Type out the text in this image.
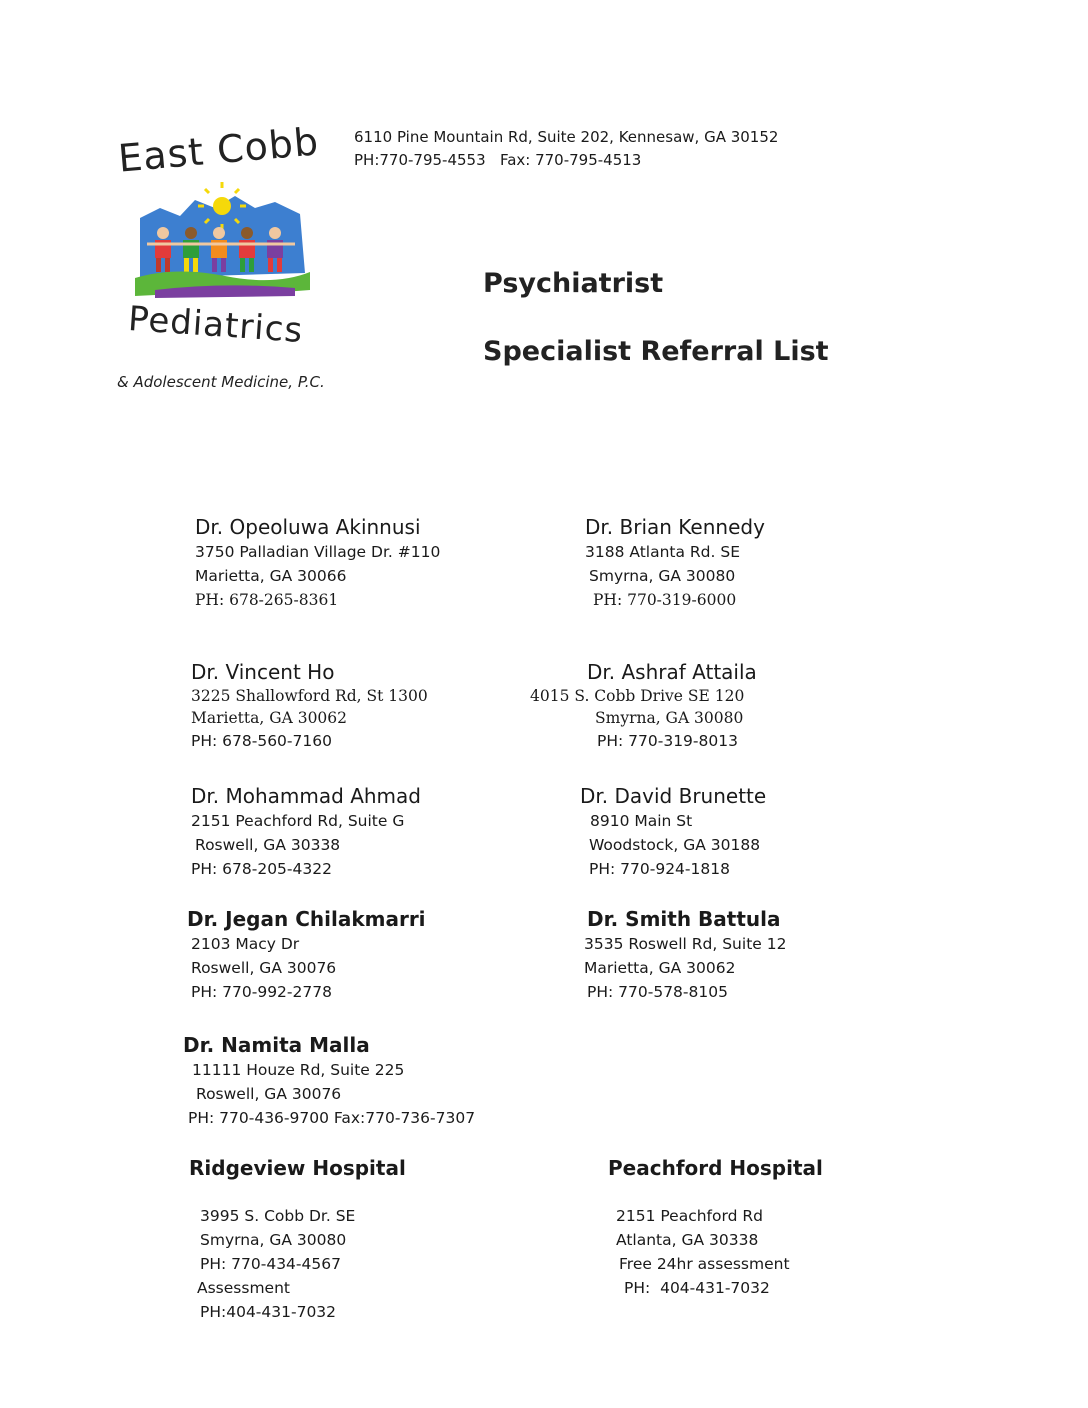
East Cobb
Pediatrics
& Adolescent Medicine, P.C.
6110 Pine Mountain Rd, Suite 202, Kennesaw, GA 30152
PH:770-795-4553   Fax: 770-795-4513
Psychiatrist
Specialist Referral List
Dr. Opeoluwa Akinnusi
3750 Palladian Village Dr. #110
Marietta, GA 30066
PH: 678-265-8361
Dr. Brian Kennedy
3188 Atlanta Rd. SE
Smyrna, GA 30080
PH: 770-319-6000
Dr. Vincent Ho
3225 Shallowford Rd, St 1300
Marietta, GA 30062
PH: 678-560-7160
Dr. Ashraf Attaila
4015 S. Cobb Drive SE 120
Smyrna, GA 30080
PH: 770-319-8013
Dr. Mohammad Ahmad
2151 Peachford Rd, Suite G
Roswell, GA 30338
PH: 678-205-4322
Dr. David Brunette
8910 Main St
Woodstock, GA 30188
PH: 770-924-1818
Dr. Jegan Chilakmarri
2103 Macy Dr
Roswell, GA 30076
PH: 770-992-2778
Dr. Smith Battula
3535 Roswell Rd, Suite 12
Marietta, GA 30062
PH: 770-578-8105
Dr. Namita Malla
11111 Houze Rd, Suite 225
Roswell, GA 30076
PH: 770-436-9700 Fax:770-736-7307
Ridgeview Hospital
3995 S. Cobb Dr. SE
Smyrna, GA 30080
PH: 770-434-4567
Assessment
PH:404-431-7032
Peachford Hospital
2151 Peachford Rd
Atlanta, GA 30338
Free 24hr assessment
PH:  404-431-7032
